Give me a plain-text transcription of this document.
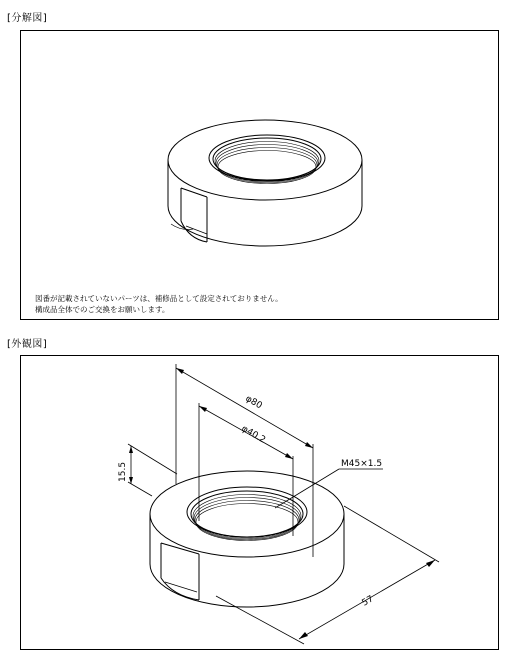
[分解図]
図番が記載されていないパーツは、補修品として設定されておりません。
構成品全体でのご交換をお願いします。
[外観図]
φ80
φ40.2
M45×1.5
15.5
57
